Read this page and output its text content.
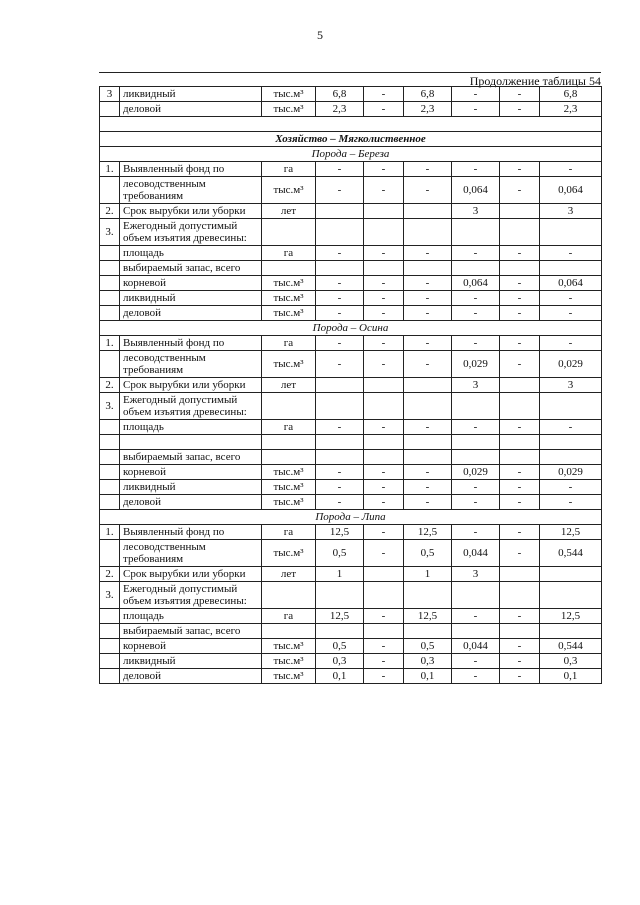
5
Продолжение таблицы 54
3	ликвидный	тыс.м³	6,8	-	6,8	-	-	6,8
	деловой	тыс.м³	2,3	-	2,3	-	-	2,3

Хозяйство – Мягколиственное								
Порода – Береза								
1.	Выявленный фонд по	га	-	-	-	-	-	-
	лесоводственным требованиям	тыс.м³	-	-	-	0,064	-	0,064
2.	Срок вырубки или уборки	лет				3		3
3.	Ежегодный допустимый объем изъятия древесины:							
	площадь	га	-	-	-	-	-	-
	выбираемый запас, всего							
	корневой	тыс.м³	-	-	-	0,064	-	0,064
	ликвидный	тыс.м³	-	-	-	-	-	-
	деловой	тыс.м³	-	-	-	-	-	-
Порода – Осина								
1.	Выявленный фонд по	га	-	-	-	-	-	-
	лесоводственным требованиям	тыс.м³	-	-	-	0,029	-	0,029
2.	Срок вырубки или уборки	лет				3		3
3.	Ежегодный допустимый объем изъятия древесины:							
	площадь	га	-	-	-	-	-	-

	выбираемый запас, всего							
	корневой	тыс.м³	-	-	-	0,029	-	0,029
	ликвидный	тыс.м³	-	-	-	-	-	-
	деловой	тыс.м³	-	-	-	-	-	-
Порода – Липа								
1.	Выявленный фонд по	га	12,5	-	12,5	-	-	12,5
	лесоводственным требованиям	тыс.м³	0,5	-	0,5	0,044	-	0,544
2.	Срок вырубки или уборки	лет	1		1	3		
3.	Ежегодный допустимый объем изъятия древесины:							
	площадь	га	12,5	-	12,5	-	-	12,5
	выбираемый запас, всего							
	корневой	тыс.м³	0,5	-	0,5	0,044	-	0,544
	ликвидный	тыс.м³	0,3	-	0,3	-	-	0,3
	деловой	тыс.м³	0,1	-	0,1	-	-	0,1
